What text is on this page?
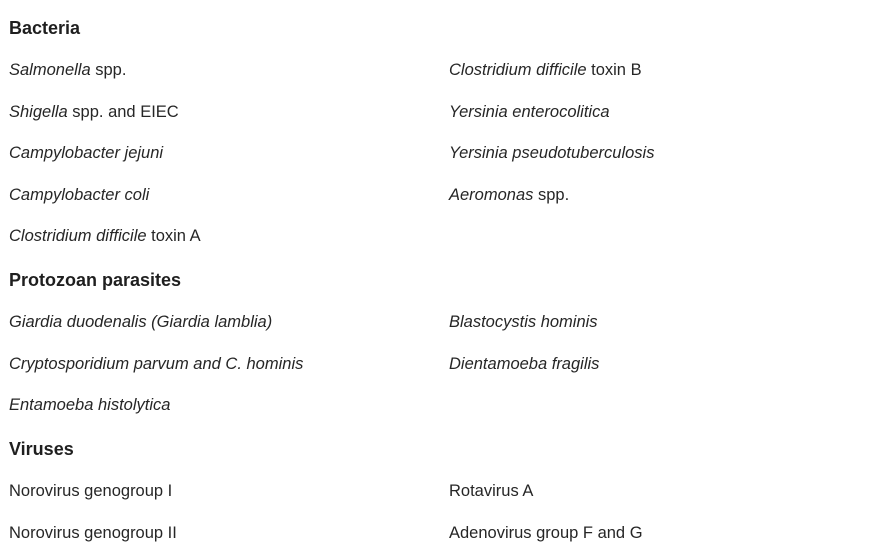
Bacteria
Salmonella spp.	Clostridium difficile toxin B
Shigella spp. and EIEC	Yersinia enterocolitica
Campylobacter jejuni	Yersinia pseudotuberculosis
Campylobacter coli	Aeromonas spp.
Clostridium difficile toxin A
Protozoan parasites
Giardia duodenalis (Giardia lamblia)	Blastocystis hominis
Cryptosporidium parvum and C. hominis	Dientamoeba fragilis
Entamoeba histolytica
Viruses
Norovirus genogroup I	Rotavirus A
Norovirus genogroup II	Adenovirus group F and G
